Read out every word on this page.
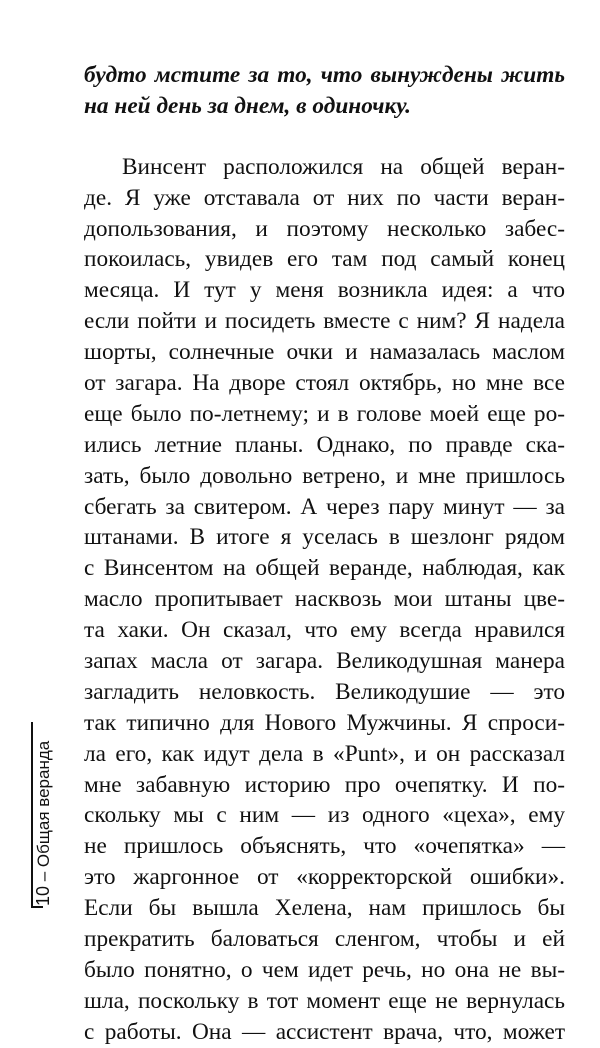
будто мстите за то, что вынуждены жить
на ней день за днем, в одиночку.
Винсент расположился на общей веран-
де. Я уже отставала от них по части веран-
допользования, и поэтому несколько забес-
покоилась, увидев его там под самый конец
месяца. И тут у меня возникла идея: а что
если пойти и посидеть вместе с ним? Я надела
шорты, солнечные очки и намазалась маслом
от загара. На дворе стоял октябрь, но мне все
еще было по-летнему; и в голове моей еще ро-
ились летние планы. Однако, по правде ска-
зать, было довольно ветрено, и мне пришлось
сбегать за свитером. А через пару минут — за
штанами. В итоге я уселась в шезлонг рядом
с Винсентом на общей веранде, наблюдая, как
масло пропитывает насквозь мои штаны цве-
та хаки. Он сказал, что ему всегда нравился
запах масла от загара. Великодушная манера
загладить неловкость. Великодушие — это
так типично для Нового Мужчины. Я спроси-
ла его, как идут дела в «Punt», и он рассказал
мне забавную историю про очепятку. И по-
скольку мы с ним — из одного «цеха», ему
не пришлось объяснять, что «очепятка» —
это жаргонное от «корректорской ошибки».
Если бы вышла Хелена, нам пришлось бы
прекратить баловаться сленгом, чтобы и ей
было понятно, о чем идет речь, но она не вы-
шла, поскольку в тот момент еще не вернулась
с работы. Она — ассистент врача, что, может
10 – Общая веранда
